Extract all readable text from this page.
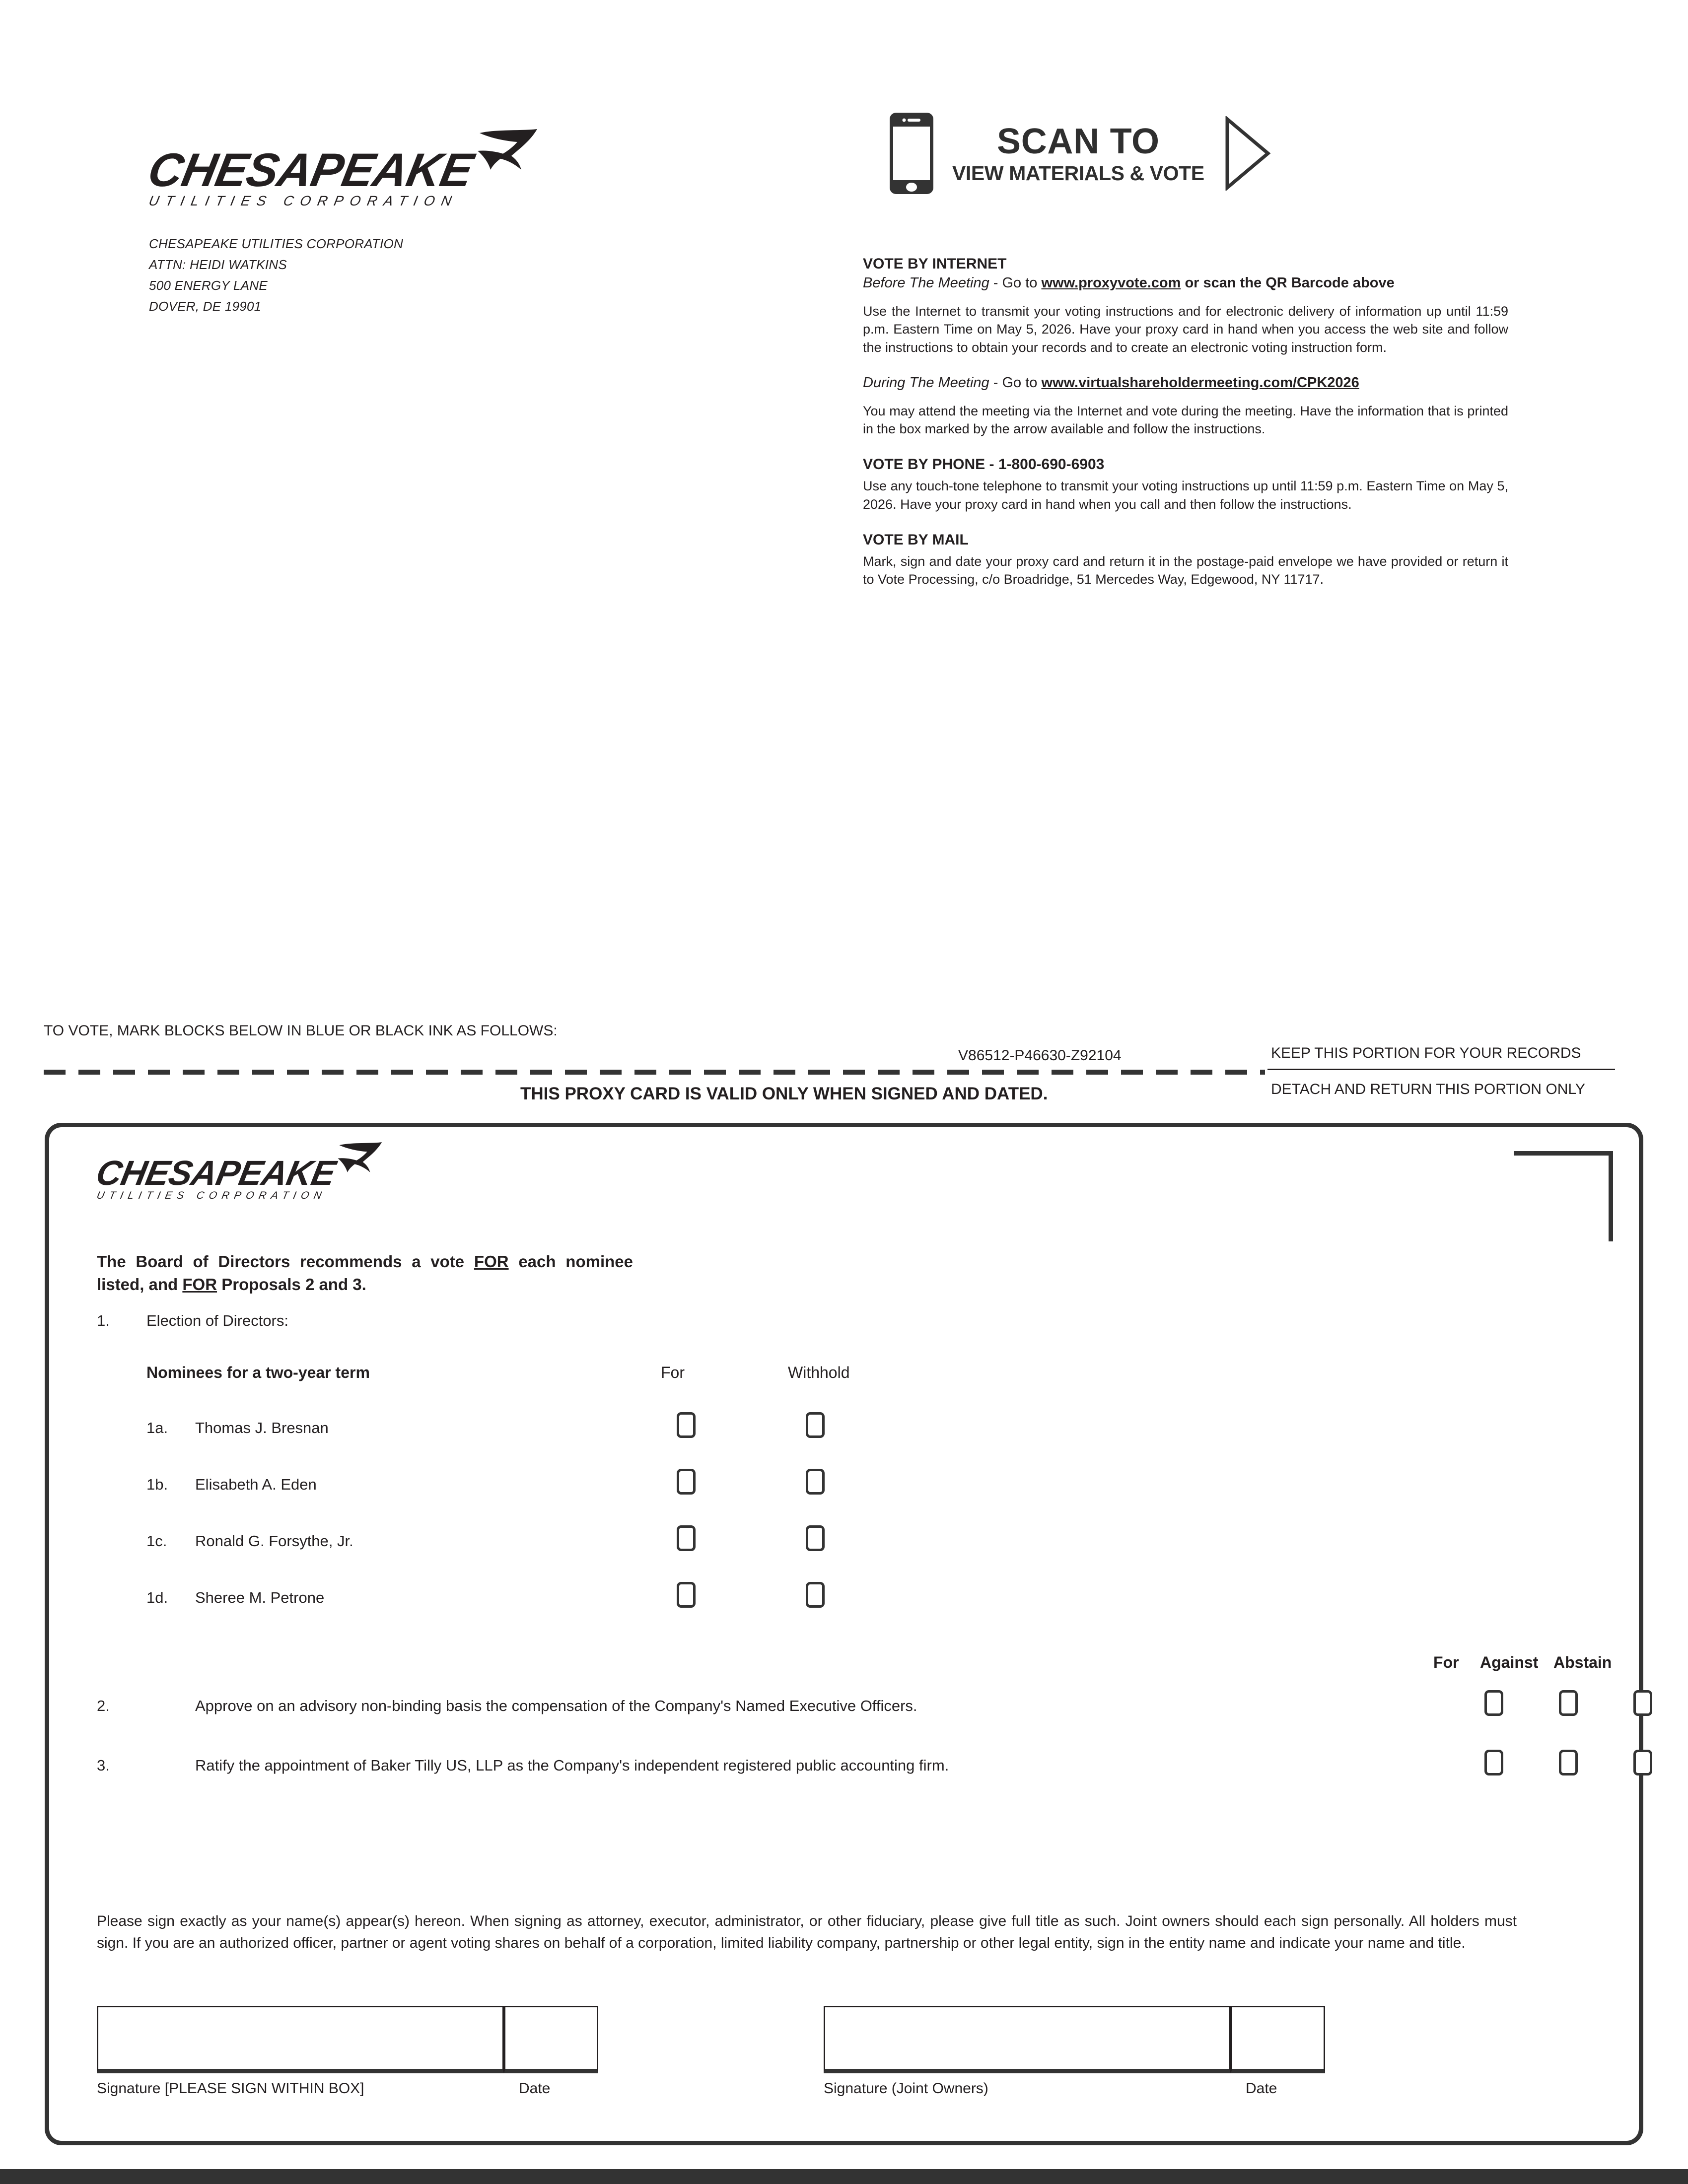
CHESAPEAKE
UTILITIES CORPORATION
CHESAPEAKE UTILITIES CORPORATION
ATTN: HEIDI WATKINS
500 ENERGY LANE
DOVER, DE 19901
SCAN TO
VIEW MATERIALS & VOTE
VOTE BY INTERNET
Before The Meeting - Go to www.proxyvote.com or scan the QR Barcode above
Use the Internet to transmit your voting instructions and for electronic delivery of information up until 11:59 p.m. Eastern Time on May 5, 2026. Have your proxy card in hand when you access the web site and follow the instructions to obtain your records and to create an electronic voting instruction form.
During The Meeting - Go to www.virtualshareholdermeeting.com/CPK2026
You may attend the meeting via the Internet and vote during the meeting. Have the information that is printed in the box marked by the arrow available and follow the instructions.
VOTE BY PHONE - 1-800-690-6903
Use any touch-tone telephone to transmit your voting instructions up until 11:59 p.m. Eastern Time on May 5, 2026. Have your proxy card in hand when you call and then follow the instructions.
VOTE BY MAIL
Mark, sign and date your proxy card and return it in the postage-paid envelope we have provided or return it to Vote Processing, c/o Broadridge, 51 Mercedes Way, Edgewood, NY 11717.
TO VOTE, MARK BLOCKS BELOW IN BLUE OR BLACK INK AS FOLLOWS:
V86512-P46630-Z92104	KEEP THIS PORTION FOR YOUR RECORDS
DETACH AND RETURN THIS PORTION ONLY
THIS PROXY CARD IS VALID ONLY WHEN SIGNED AND DATED.
CHESAPEAKE
UTILITIES CORPORATION
The Board of Directors recommends a vote FOR each nominee listed, and FOR Proposals 2 and 3.
1. Election of Directors:
Nominees for a two-year term	For	Withhold
1a. Thomas J. Bresnan
1b. Elisabeth A. Eden
1c. Ronald G. Forsythe, Jr.
1d. Sheree M. Petrone
For Against Abstain
2.	Approve on an advisory non-binding basis the compensation of the Company's Named Executive Officers.
3.	Ratify the appointment of Baker Tilly US, LLP as the Company's independent registered public accounting firm.
Please sign exactly as your name(s) appear(s) hereon. When signing as attorney, executor, administrator, or other fiduciary, please give full title as such. Joint owners should each sign personally. All holders must sign. If you are an authorized officer, partner or agent voting shares on behalf of a corporation, limited liability company, partnership or other legal entity, sign in the entity name and indicate your name and title.
Signature [PLEASE SIGN WITHIN BOX]	Date	Signature (Joint Owners)	Date
